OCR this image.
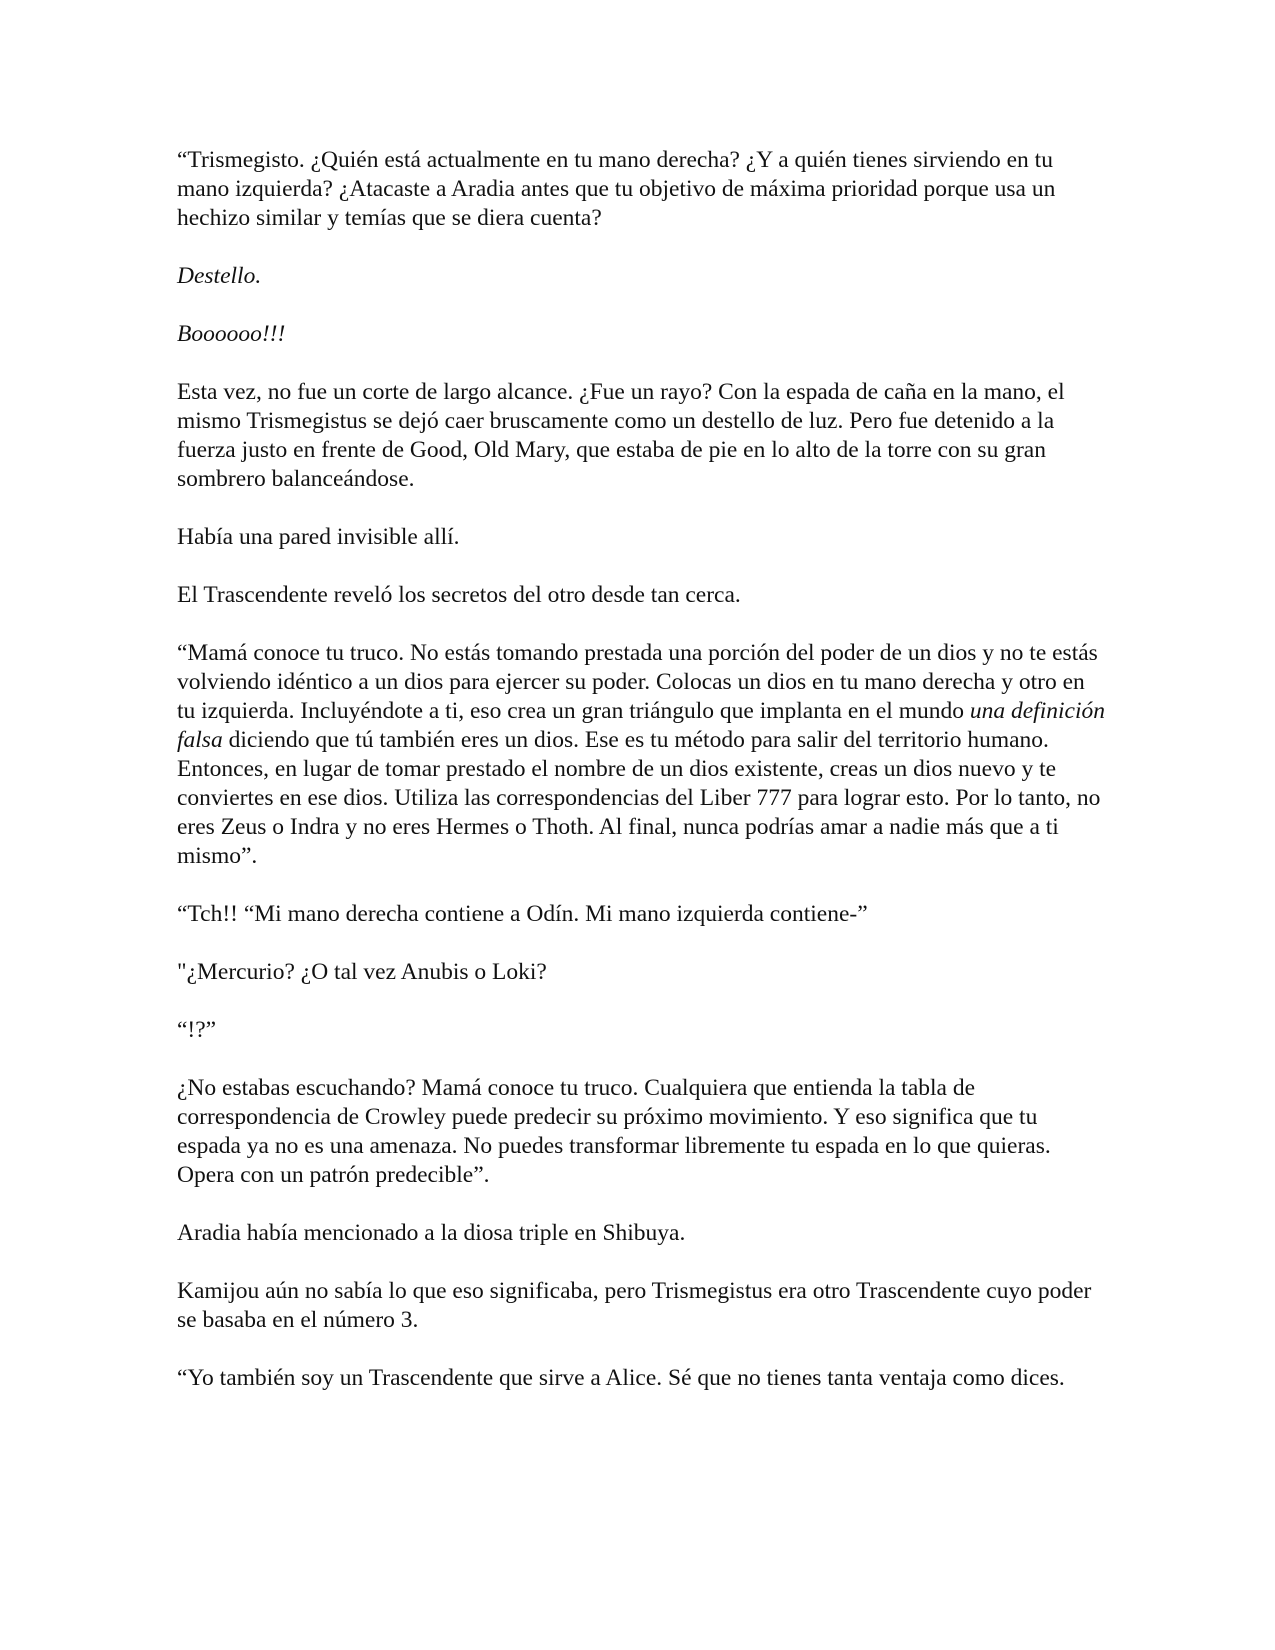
“Trismegisto. ¿Quién está actualmente en tu mano derecha? ¿Y a quién tienes sirviendo en tu mano izquierda? ¿Atacaste a Aradia antes que tu objetivo de máxima prioridad porque usa un hechizo similar y temías que se diera cuenta?

Destello.

Boooooo!!!

Esta vez, no fue un corte de largo alcance. ¿Fue un rayo? Con la espada de caña en la mano, el mismo Trismegistus se dejó caer bruscamente como un destello de luz. Pero fue detenido a la fuerza justo en frente de Good, Old Mary, que estaba de pie en lo alto de la torre con su gran sombrero balanceándose.

Había una pared invisible allí.

El Trascendente reveló los secretos del otro desde tan cerca.

“Mamá conoce tu truco. No estás tomando prestada una porción del poder de un dios y no te estás volviendo idéntico a un dios para ejercer su poder. Colocas un dios en tu mano derecha y otro en tu izquierda. Incluyéndote a ti, eso crea un gran triángulo que implanta en el mundo una definición falsa diciendo que tú también eres un dios. Ese es tu método para salir del territorio humano. Entonces, en lugar de tomar prestado el nombre de un dios existente, creas un dios nuevo y te conviertes en ese dios. Utiliza las correspondencias del Liber 777 para lograr esto. Por lo tanto, no eres Zeus o Indra y no eres Hermes o Thoth. Al final, nunca podrías amar a nadie más que a ti mismo”.

“Tch!! “Mi mano derecha contiene a Odín. Mi mano izquierda contiene-”

"¿Mercurio? ¿O tal vez Anubis o Loki?

“!?”

¿No estabas escuchando? Mamá conoce tu truco. Cualquiera que entienda la tabla de correspondencia de Crowley puede predecir su próximo movimiento. Y eso significa que tu espada ya no es una amenaza. No puedes transformar libremente tu espada en lo que quieras. Opera con un patrón predecible”.

Aradia había mencionado a la diosa triple en Shibuya.

Kamijou aún no sabía lo que eso significaba, pero Trismegistus era otro Trascendente cuyo poder se basaba en el número 3.

“Yo también soy un Trascendente que sirve a Alice. Sé que no tienes tanta ventaja como dices.
